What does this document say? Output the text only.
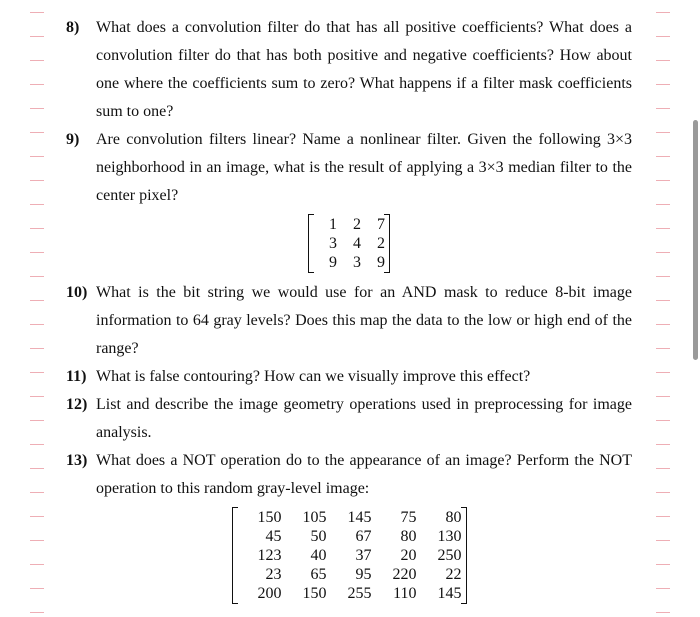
8) What does a convolution filter do that has all positive coefficients? What does a convolution filter do that has both positive and negative coefficients? How about one where the coefficients sum to zero? What happens if a filter mask coefficients sum to one?
9) Are convolution filters linear? Name a nonlinear filter. Given the following 3×3 neighborhood in an image, what is the result of applying a 3×3 median filter to the center pixel?
1	2	7
3	4	2
9	3	9
10) What is the bit string we would use for an AND mask to reduce 8-bit image information to 64 gray levels? Does this map the data to the low or high end of the range?
11) What is false contouring? How can we visually improve this effect?
12) List and describe the image geometry operations used in preprocessing for image analysis.
13) What does a NOT operation do to the appearance of an image? Perform the NOT operation to this random gray-level image:
150	105	145	75	80
45	50	67	80	130
123	40	37	20	250
23	65	95	220	22
200	150	255	110	145
